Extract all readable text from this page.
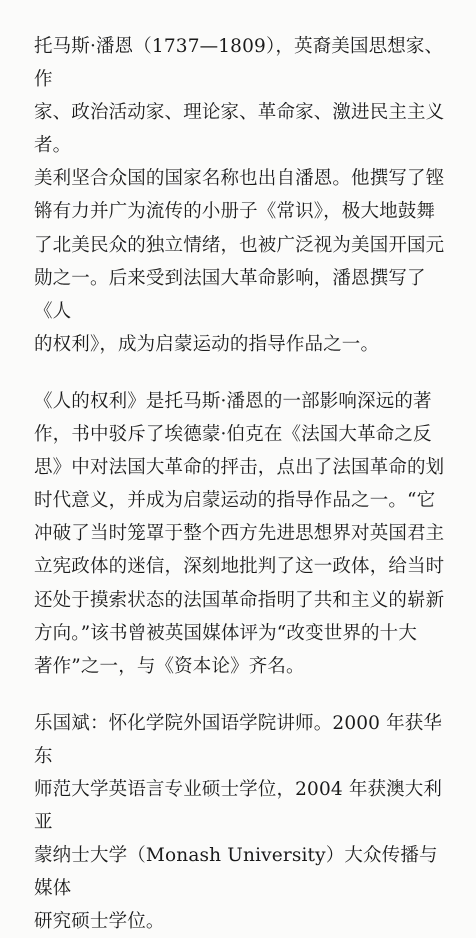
托马斯·潘恩（1737—1809），英裔美国思想家、作
家、政治活动家、理论家、革命家、激进民主主义者。
美利坚合众国的国家名称也出自潘恩。他撰写了铿
锵有力并广为流传的小册子《常识》，极大地鼓舞
了北美民众的独立情绪，也被广泛视为美国开国元
勋之一。后来受到法国大革命影响，潘恩撰写了《人
的权利》，成为启蒙运动的指导作品之一。

《人的权利》是托马斯·潘恩的一部影响深远的著
作，书中驳斥了埃德蒙·伯克在《法国大革命之反
思》中对法国大革命的抨击，点出了法国革命的划
时代意义，并成为启蒙运动的指导作品之一。“它
冲破了当时笼罩于整个西方先进思想界对英国君主
立宪政体的迷信，深刻地批判了这一政体，给当时
还处于摸索状态的法国革命指明了共和主义的崭新
方向。”该书曾被英国媒体评为“改变世界的十大
著作”之一，与《资本论》齐名。

乐国斌：怀化学院外国语学院讲师。2000 年获华东
师范大学英语言专业硕士学位，2004 年获澳大利亚
蒙纳士大学（Monash University）大众传播与媒体
研究硕士学位。
